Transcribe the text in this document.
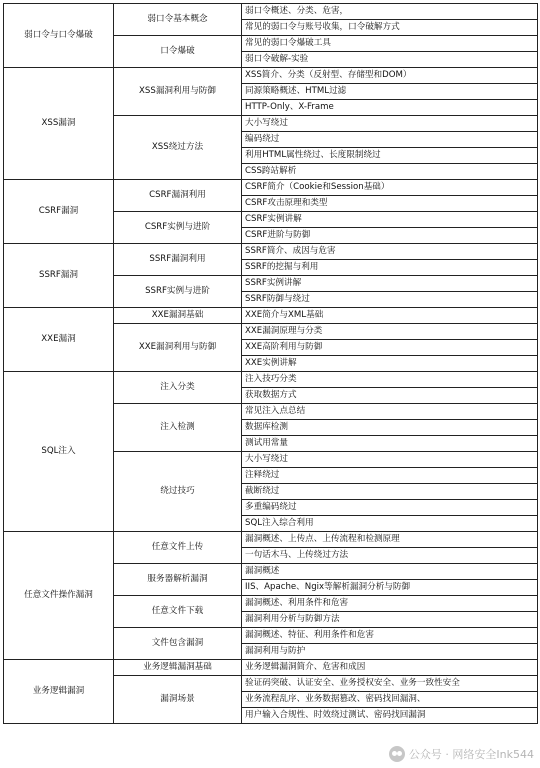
弱口令与口令爆破	弱口令基本概念	弱口令概述、分类、危害，
		常见的弱口令与账号收集，口令破解方式
	口令爆破	常见的弱口令爆破工具
		弱口令破解-实验
XSS漏洞	XSS漏洞利用与防御	XSS简介、分类（反射型、存储型和DOM）
		同源策略概述、HTML过滤
		HTTP-Only、X-Frame
	XSS绕过方法	大小写绕过
		编码绕过
		利用HTML属性绕过、长度限制绕过
		CSS跨站解析
CSRF漏洞	CSRF漏洞利用	CSRF简介（Cookie和Session基础）
		CSRF攻击原理和类型
	CSRF实例与进阶	CSRF实例讲解
		CSRF进阶与防御
SSRF漏洞	SSRF漏洞利用	SSRF简介、成因与危害
		SSRF的挖掘与利用
	SSRF实例与进阶	SSRF实例讲解
		SSRF防御与绕过
XXE漏洞	XXE漏洞基础	XXE简介与XML基础
	XXE漏洞利用与防御	XXE漏洞原理与分类
		XXE高阶利用与防御
		XXE实例讲解
SQL注入	注入分类	注入技巧分类
		获取数据方式
	注入检测	常见注入点总结
		数据库检测
		测试用常量
	绕过技巧	大小写绕过
		注释绕过
		截断绕过
		多重编码绕过
		SQL注入综合利用
任意文件操作漏洞	任意文件上传	漏洞概述、上传点、上传流程和检测原理
		一句话木马、上传绕过方法
	服务器解析漏洞	漏洞概述
		IIS、Apache、Ngix等解析漏洞分析与防御
	任意文件下载	漏洞概述、利用条件和危害
		漏洞利用分析与防御方法
	文件包含漏洞	漏洞概述、特征、利用条件和危害
		漏洞利用与防护
业务逻辑漏洞	业务逻辑漏洞基础	业务逻辑漏洞简介、危害和成因
	漏洞场景	验证码突破、认证安全、业务授权安全、业务一致性安全
		业务流程乱序、业务数据篡改、密码找回漏洞、
		用户输入合规性、时效绕过测试、密码找回漏洞
公众号 · 网络安全Ink544
